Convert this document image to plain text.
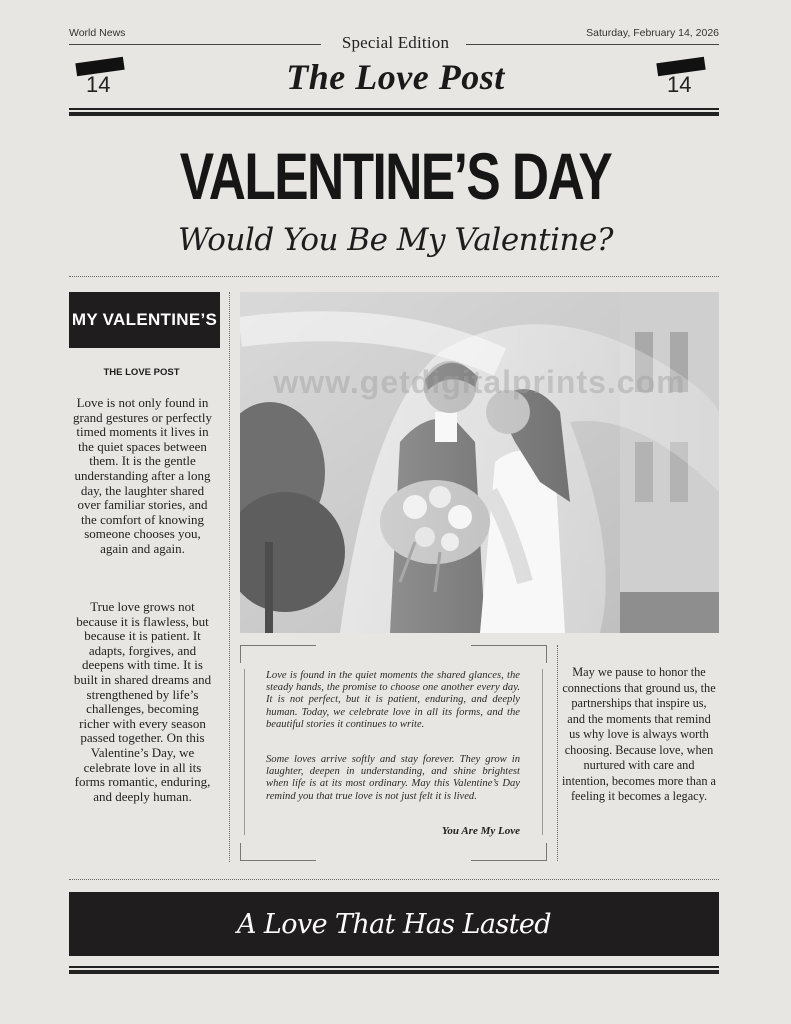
World News	Saturday, February 14, 2026
Special Edition
The Love Post
14	14
VALENTINE’S DAY
Would You Be My Valentine?
MY VALENTINE’S
THE LOVE POST
Love is not only found in grand gestures or perfectly timed moments it lives in the quiet spaces between them. It is the gentle understanding after a long day, the laughter shared over familiar stories, and the comfort of knowing someone chooses you, again and again.
True love grows not because it is flawless, but because it is patient. It adapts, forgives, and deepens with time. It is built in shared dreams and strengthened by life’s challenges, becoming richer with every season passed together. On this Valentine’s Day, we celebrate love in all its forms romantic, enduring, and deeply human.
www.getdigitalprints.com
Love is found in the quiet moments the shared glances, the steady hands, the promise to choose one another every day. It is not perfect, but it is patient, enduring, and deeply human. Today, we celebrate love in all its forms, and the beautiful stories it continues to write.
Some loves arrive softly and stay forever. They grow in laughter, deepen in understanding, and shine brightest when life is at its most ordinary. May this Valentine’s Day remind you that true love is not just felt it is lived.
You Are My Love
May we pause to honor the connections that ground us, the partnerships that inspire us, and the moments that remind us why love is always worth choosing. Because love, when nurtured with care and intention, becomes more than a feeling it becomes a legacy.
A Love That Has Lasted
